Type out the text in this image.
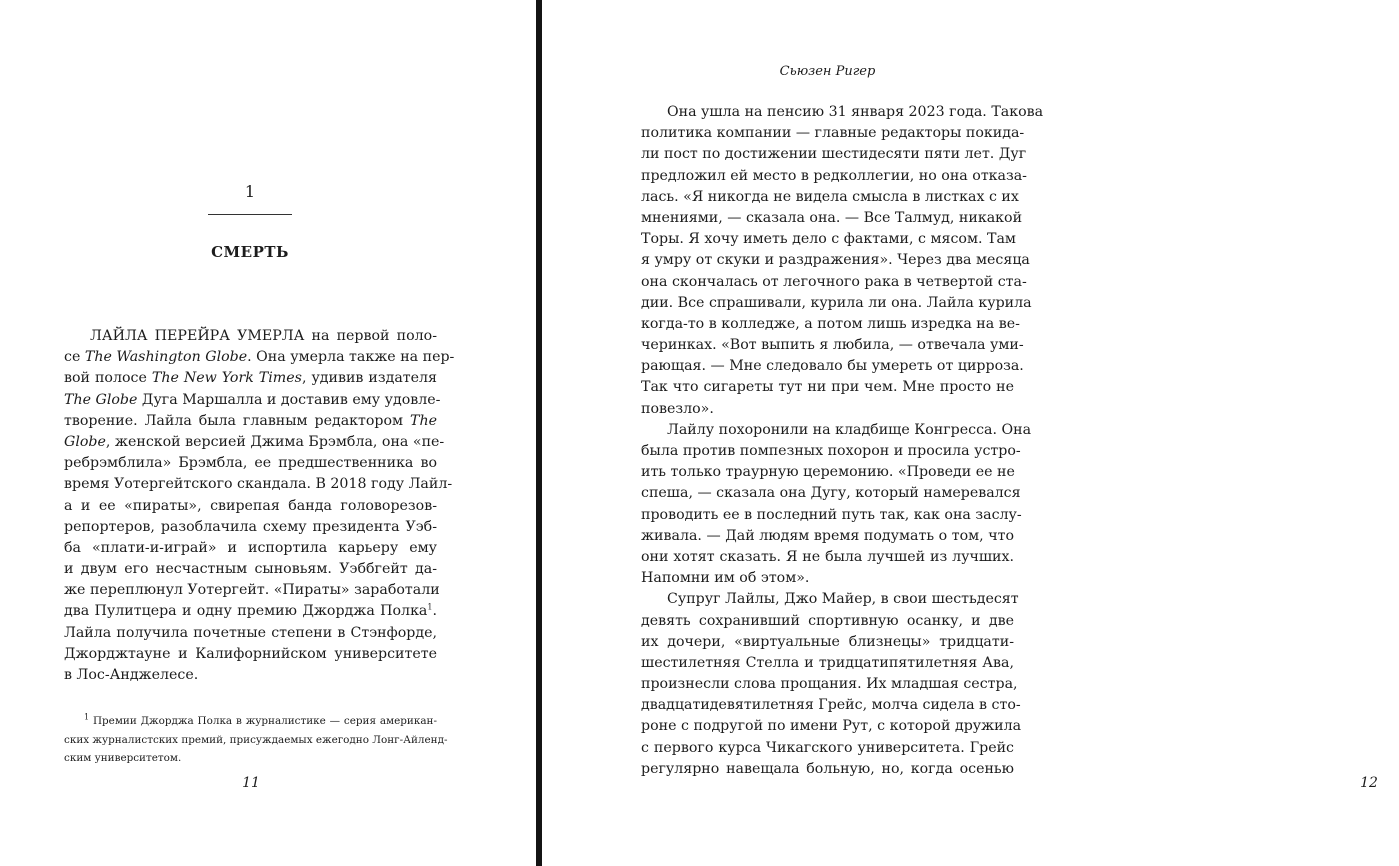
1
СМЕРТЬ
$^1$ Премии Джорджа Полка в журналистике — серия американ-
ских журналистских премий, присуждаемых ежегодно Лонг-Айленд-
ским университетом.
11	12
Сьюзен Ригер
ЛАЙЛА ПЕРЕЙРА УМЕРЛА на первой поло-
се The Washington Globe. Она умерла также на пер-
вой полосе The New York Times, удивив издателя
The Globe Дуга Маршалла и доставив ему удовле-
творение. Лайла была главным редактором The
Globe, женской версией Джима Брэмбла, она «пе-
ребрэмблила» Брэмбла, ее предшественника во
время Уотергейтского скандала. В 2018 году Лайл-
а и ее «пираты», свирепая банда головорезов-
репортеров, разоблачила схему президента Уэб-
ба «плати-и-играй» и испортила карьеру ему
и двум его несчастным сыновьям. Уэббгейт да-
же переплюнул Уотергейт. «Пираты» заработали
два Пулитцера и одну премию Джорджа Полка$^1$.
Лайла получила почетные степени в Стэнфорде,
Джорджтауне и Калифорнийском университете
в Лос-Анджелесе.
Она ушла на пенсию 31 января 2023 года. Такова
политика компании — главные редакторы покида-
ли пост по достижении шестидесяти пяти лет. Дуг
предложил ей место в редколлегии, но она отказа-
лась. «Я никогда не видела смысла в листках с их
мнениями, — сказала она. — Все Талмуд, никакой
Торы. Я хочу иметь дело с фактами, с мясом. Там
я умру от скуки и раздражения». Через два месяца
она скончалась от легочного рака в четвертой ста-
дии. Все спрашивали, курила ли она. Лайла курила
когда-то в колледже, а потом лишь изредка на ве-
черинках. «Вот выпить я любила, — отвечала уми-
рающая. — Мне следовало бы умереть от цирроза.
Так что сигареты тут ни при чем. Мне просто не
повезло».
Лайлу похоронили на кладбище Конгресса. Она
была против помпезных похорон и просила устро-
ить только траурную церемонию. «Проведи ее не
спеша, — сказала она Дугу, который намеревался
проводить ее в последний путь так, как она заслу-
живала. — Дай людям время подумать о том, что
они хотят сказать. Я не была лучшей из лучших.
Напомни им об этом».
Супруг Лайлы, Джо Майер, в свои шестьдесят
девять сохранивший спортивную осанку, и две
их дочери, «виртуальные близнецы» тридцати-
шестилетняя Стелла и тридцатипятилетняя Ава,
произнесли слова прощания. Их младшая сестра,
двадцатидевятилетняя Грейс, молча сидела в сто-
роне с подругой по имени Рут, с которой дружила
с первого курса Чикагского университета. Грейс
регулярно навещала больную, но, когда осенью
